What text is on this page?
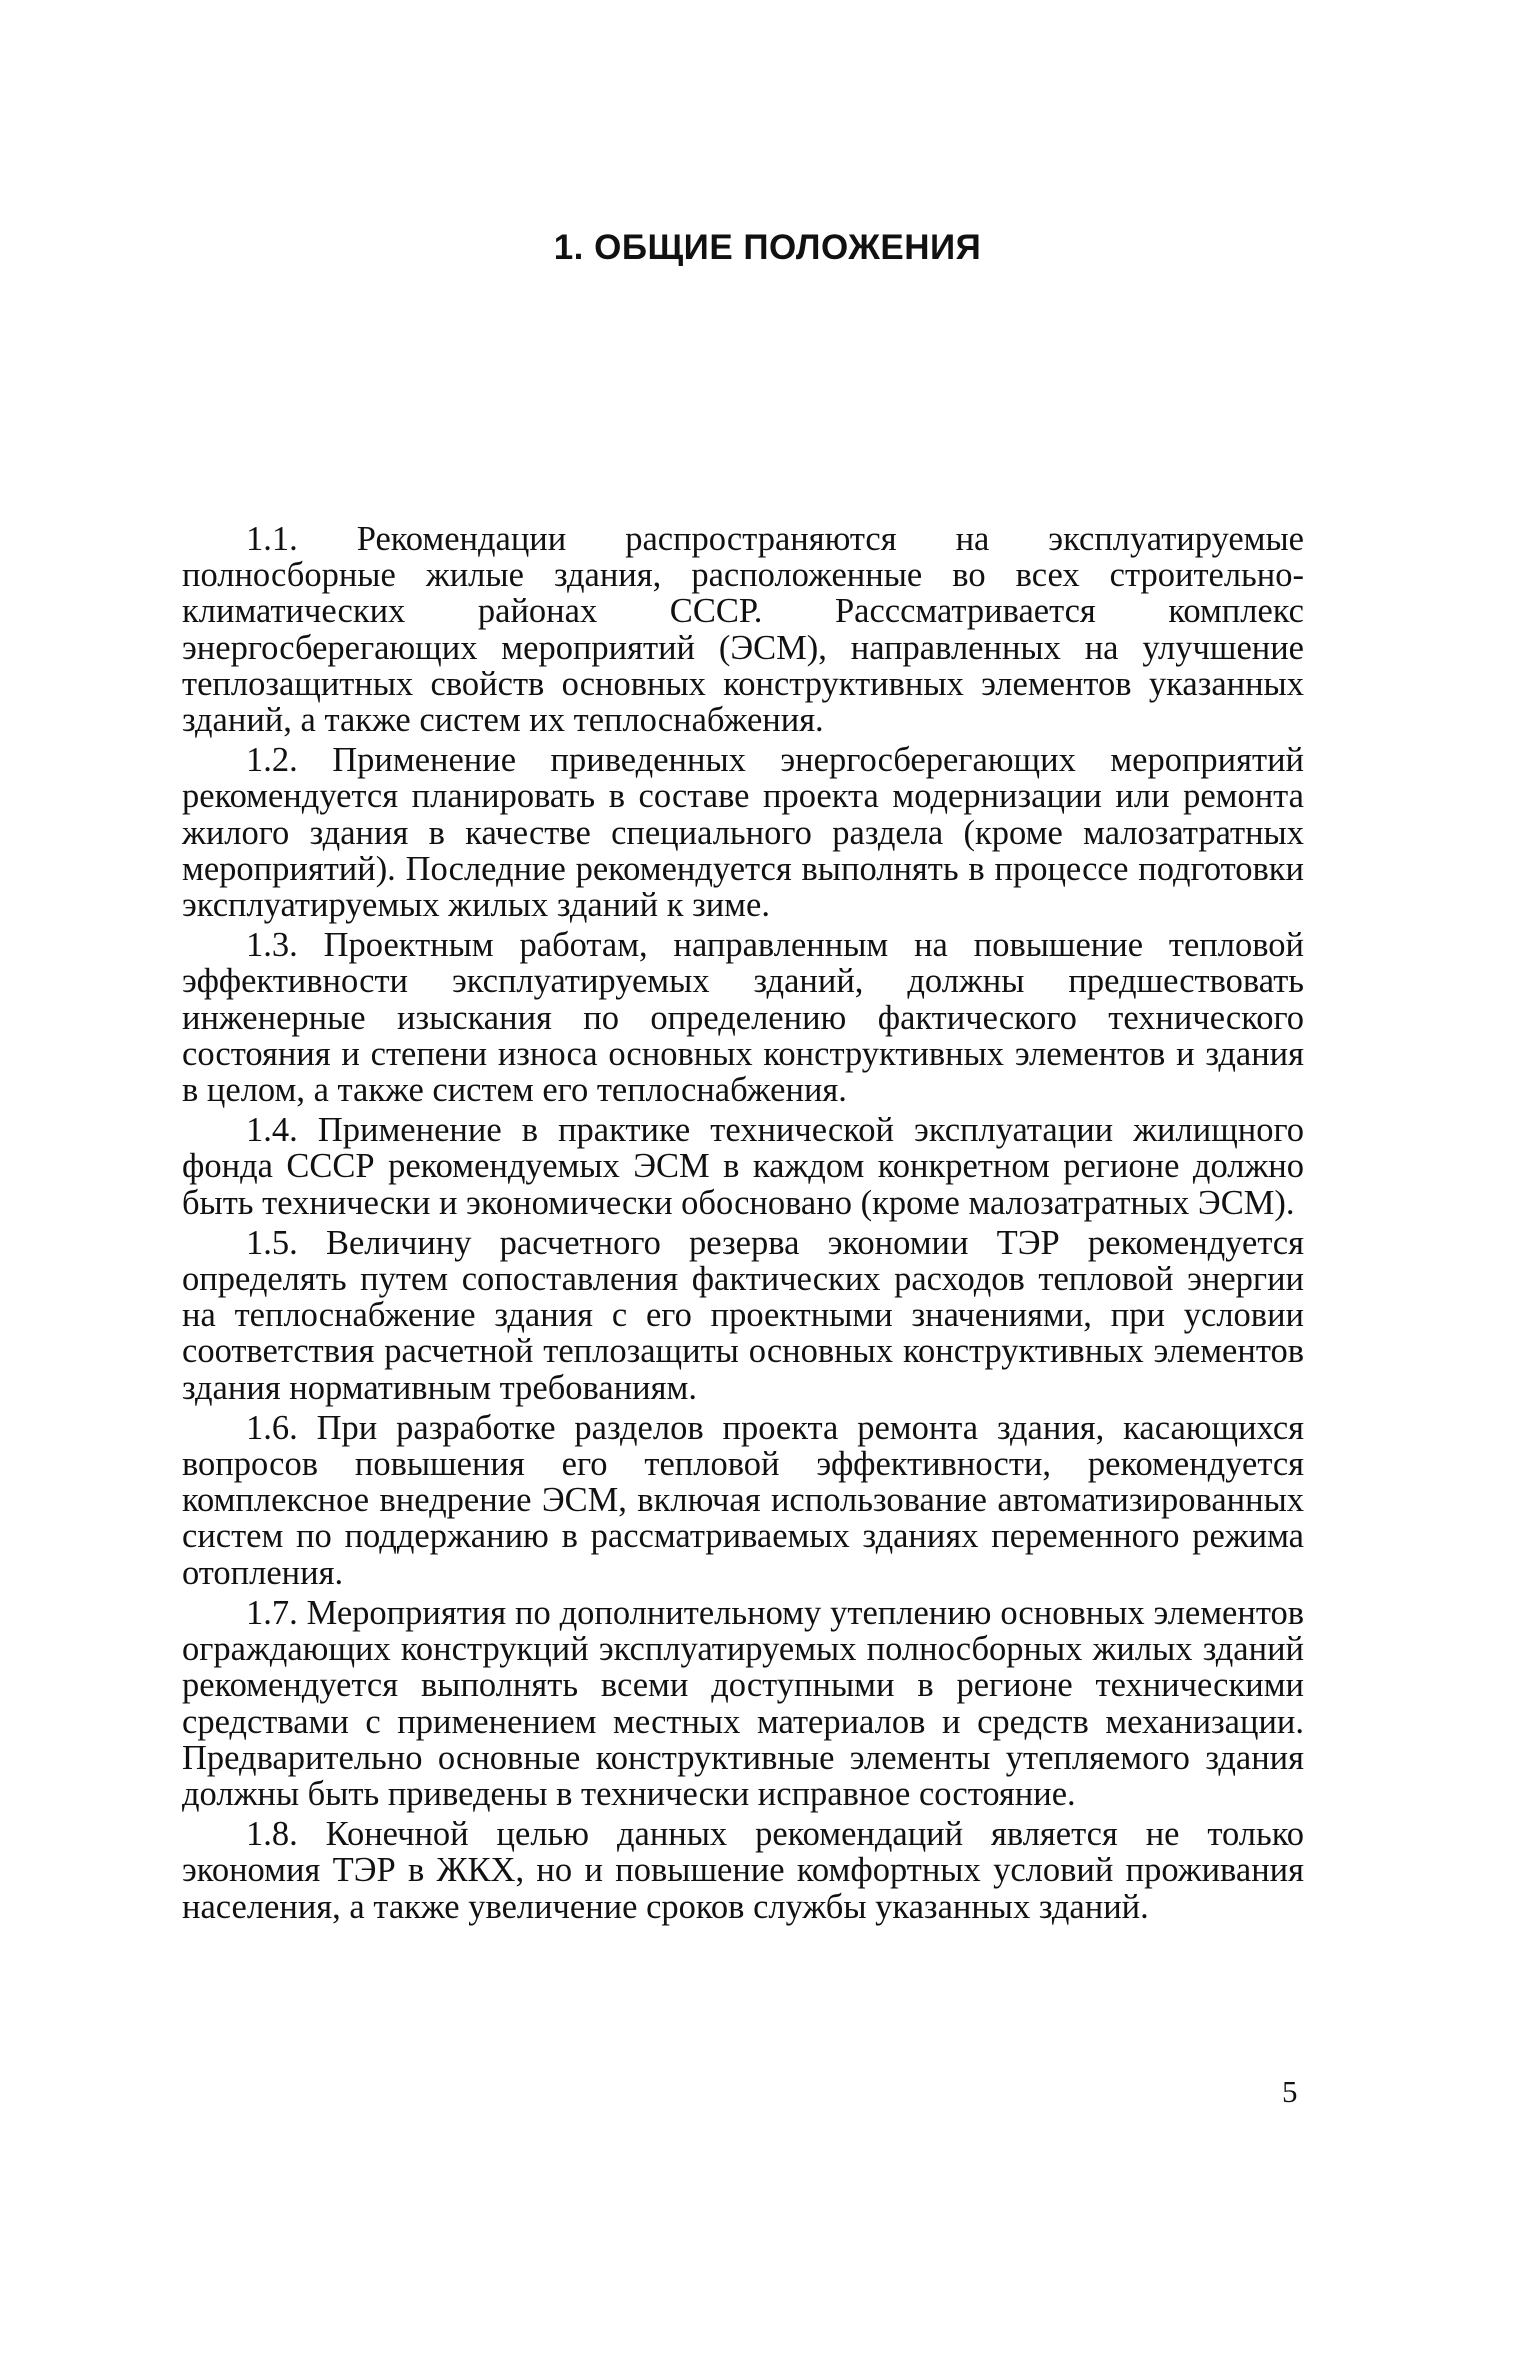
1. ОБЩИЕ ПОЛОЖЕНИЯ

1.1. Рекомендации распространяются на эксплуатируемые полносборные жилые здания, расположенные во всех строительно-климатических районах СССР. Расссматривается комплекс энергосберегающих мероприятий (ЭСМ), направленных на улучшение теплозащитных свойств основных конструктивных элементов указанных зданий, а также систем их теплоснабжения.

1.2. Применение приведенных энергосберегающих мероприятий рекомендуется планировать в составе проекта модернизации или ремонта жилого здания в качестве специального раздела (кроме малозатратных мероприятий). Последние рекомендуется выполнять в процессе подготовки эксплуатируемых жилых зданий к зиме.

1.3. Проектным работам, направленным на повышение тепловой эффективности эксплуатируемых зданий, должны предшествовать инженерные изыскания по определению фактического технического состояния и степени износа основных конструктивных элементов и здания в целом, а также систем его теплоснабжения.

1.4. Применение в практике технической эксплуатации жилищного фонда СССР рекомендуемых ЭСМ в каждом конкретном регионе должно быть технически и экономически обосновано (кроме малозатратных ЭСМ).

1.5. Величину расчетного резерва экономии ТЭР рекомендуется определять путем сопоставления фактических расходов тепловой энергии на теплоснабжение здания с его проектными значениями, при условии соответствия расчетной теплозащиты основных конструктивных элементов здания нормативным требованиям.

1.6. При разработке разделов проекта ремонта здания, касающихся вопросов повышения его тепловой эффективности, рекомендуется комплексное внедрение ЭСМ, включая использование автоматизированных систем по поддержанию в рассматриваемых зданиях переменного режима отопления.

1.7. Мероприятия по дополнительному утеплению основных элементов ограждающих конструкций эксплуатируемых полносборных жилых зданий рекомендуется выполнять всеми доступными в регионе техническими средствами с применением местных материалов и средств механизации. Предварительно основные конструктивные элементы утепляемого здания должны быть приведены в технически исправное состояние.

1.8. Конечной целью данных рекомендаций является не только экономия ТЭР в ЖКХ, но и повышение комфортных условий проживания населения, а также увеличение сроков службы указанных зданий.

5
